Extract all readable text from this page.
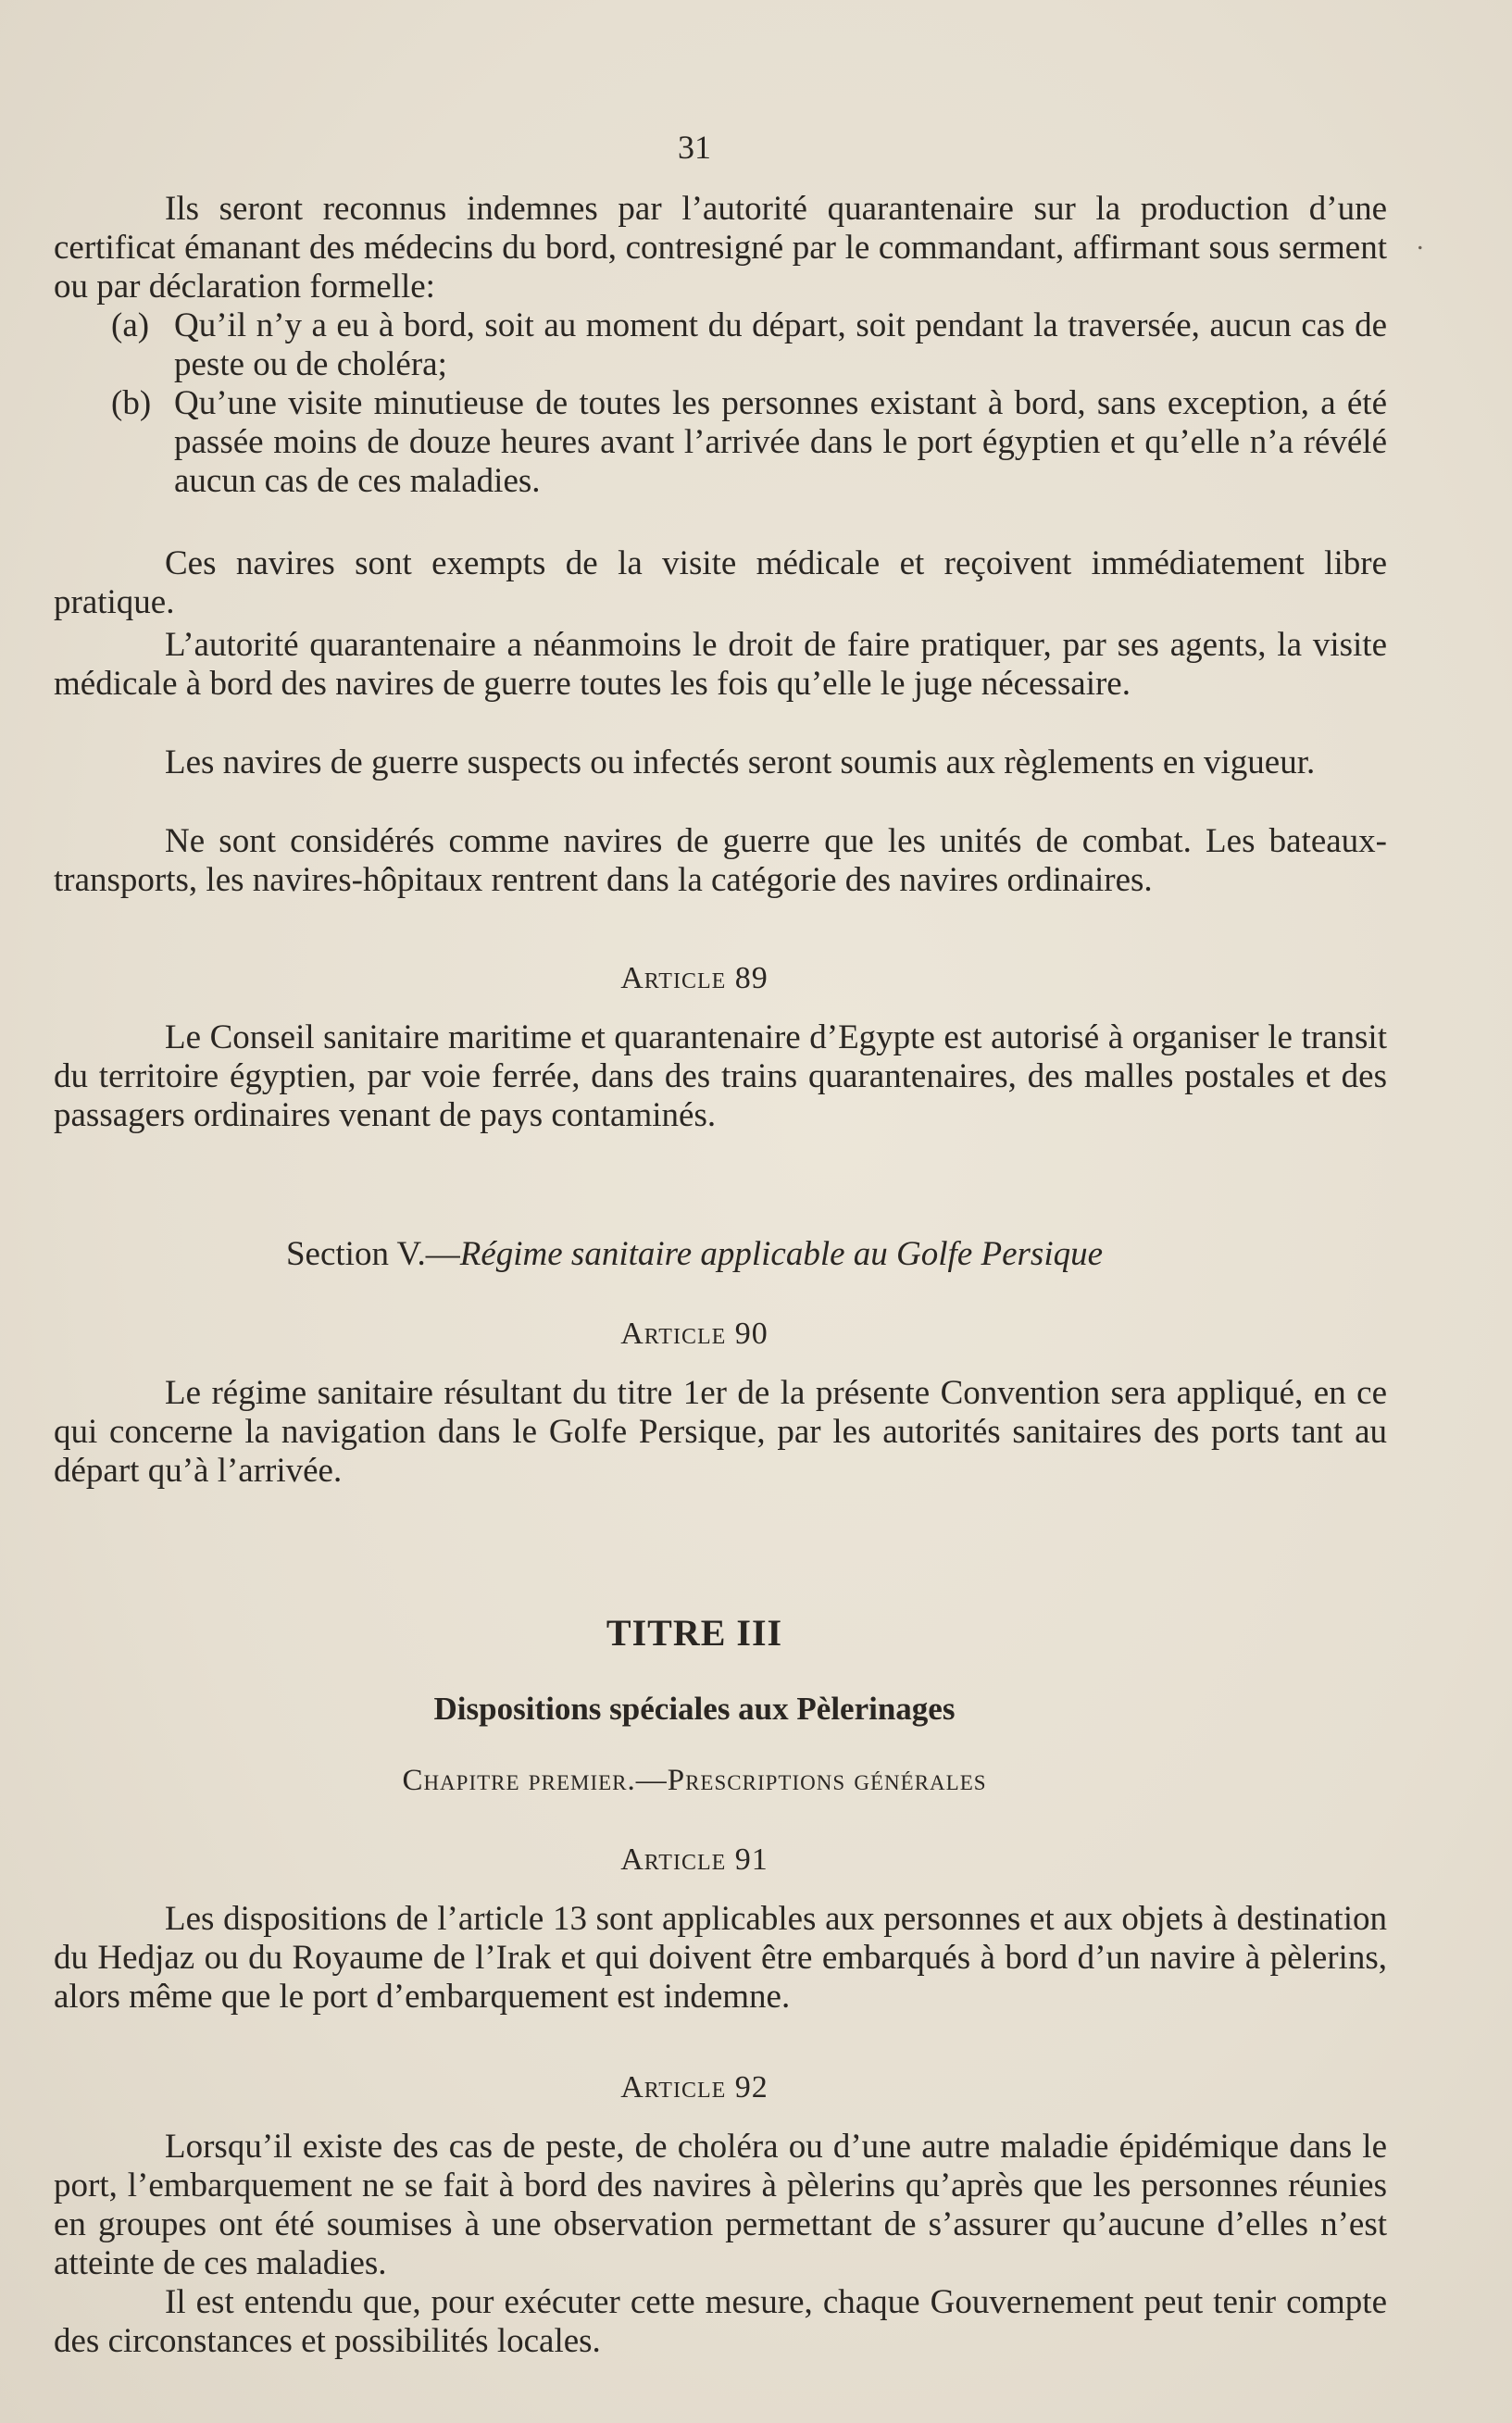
31
.

Ils seront reconnus indemnes par l’autorité quarantenaire sur la production d’une certificat émanant des médecins du bord, contresigné par le commandant, affirmant sous serment ou par déclaration formelle:

(a) Qu’il n’y a eu à bord, soit au moment du départ, soit pendant la traversée, aucun cas de peste ou de choléra;
(b) Qu’une visite minutieuse de toutes les personnes existant à bord, sans exception, a été passée moins de douze heures avant l’arrivée dans le port égyptien et qu’elle n’a révélé aucun cas de ces maladies.

Ces navires sont exempts de la visite médicale et reçoivent immédiatement libre pratique.

L’autorité quarantenaire a néanmoins le droit de faire pratiquer, par ses agents, la visite médicale à bord des navires de guerre toutes les fois qu’elle le juge nécessaire.

Les navires de guerre suspects ou infectés seront soumis aux règlements en vigueur.

Ne sont considérés comme navires de guerre que les unités de combat. Les bateaux-transports, les navires-hôpitaux rentrent dans la catégorie des navires ordinaires.

Article 89

Le Conseil sanitaire maritime et quarantenaire d’Egypte est autorisé à organiser le transit du territoire égyptien, par voie ferrée, dans des trains quarantenaires, des malles postales et des passagers ordinaires venant de pays contaminés.

Section V.—Régime sanitaire applicable au Golfe Persique
Article 90

Le régime sanitaire résultant du titre 1er de la présente Convention sera appliqué, en ce qui concerne la navigation dans le Golfe Persique, par les autorités sanitaires des ports tant au départ qu’à l’arrivée.

TITRE III
Dispositions spéciales aux Pèlerinages
Chapitre premier.—Prescriptions générales
Article 91

Les dispositions de l’article 13 sont applicables aux personnes et aux objets à destination du Hedjaz ou du Royaume de l’Irak et qui doivent être embarqués à bord d’un navire à pèlerins, alors même que le port d’embarquement est indemne.

Article 92

Lorsqu’il existe des cas de peste, de choléra ou d’une autre maladie épidémique dans le port, l’embarquement ne se fait à bord des navires à pèlerins qu’après que les personnes réunies en groupes ont été soumises à une observation permettant de s’assurer qu’aucune d’elles n’est atteinte de ces maladies.

Il est entendu que, pour exécuter cette mesure, chaque Gouvernement peut tenir compte des circonstances et possibilités locales.
